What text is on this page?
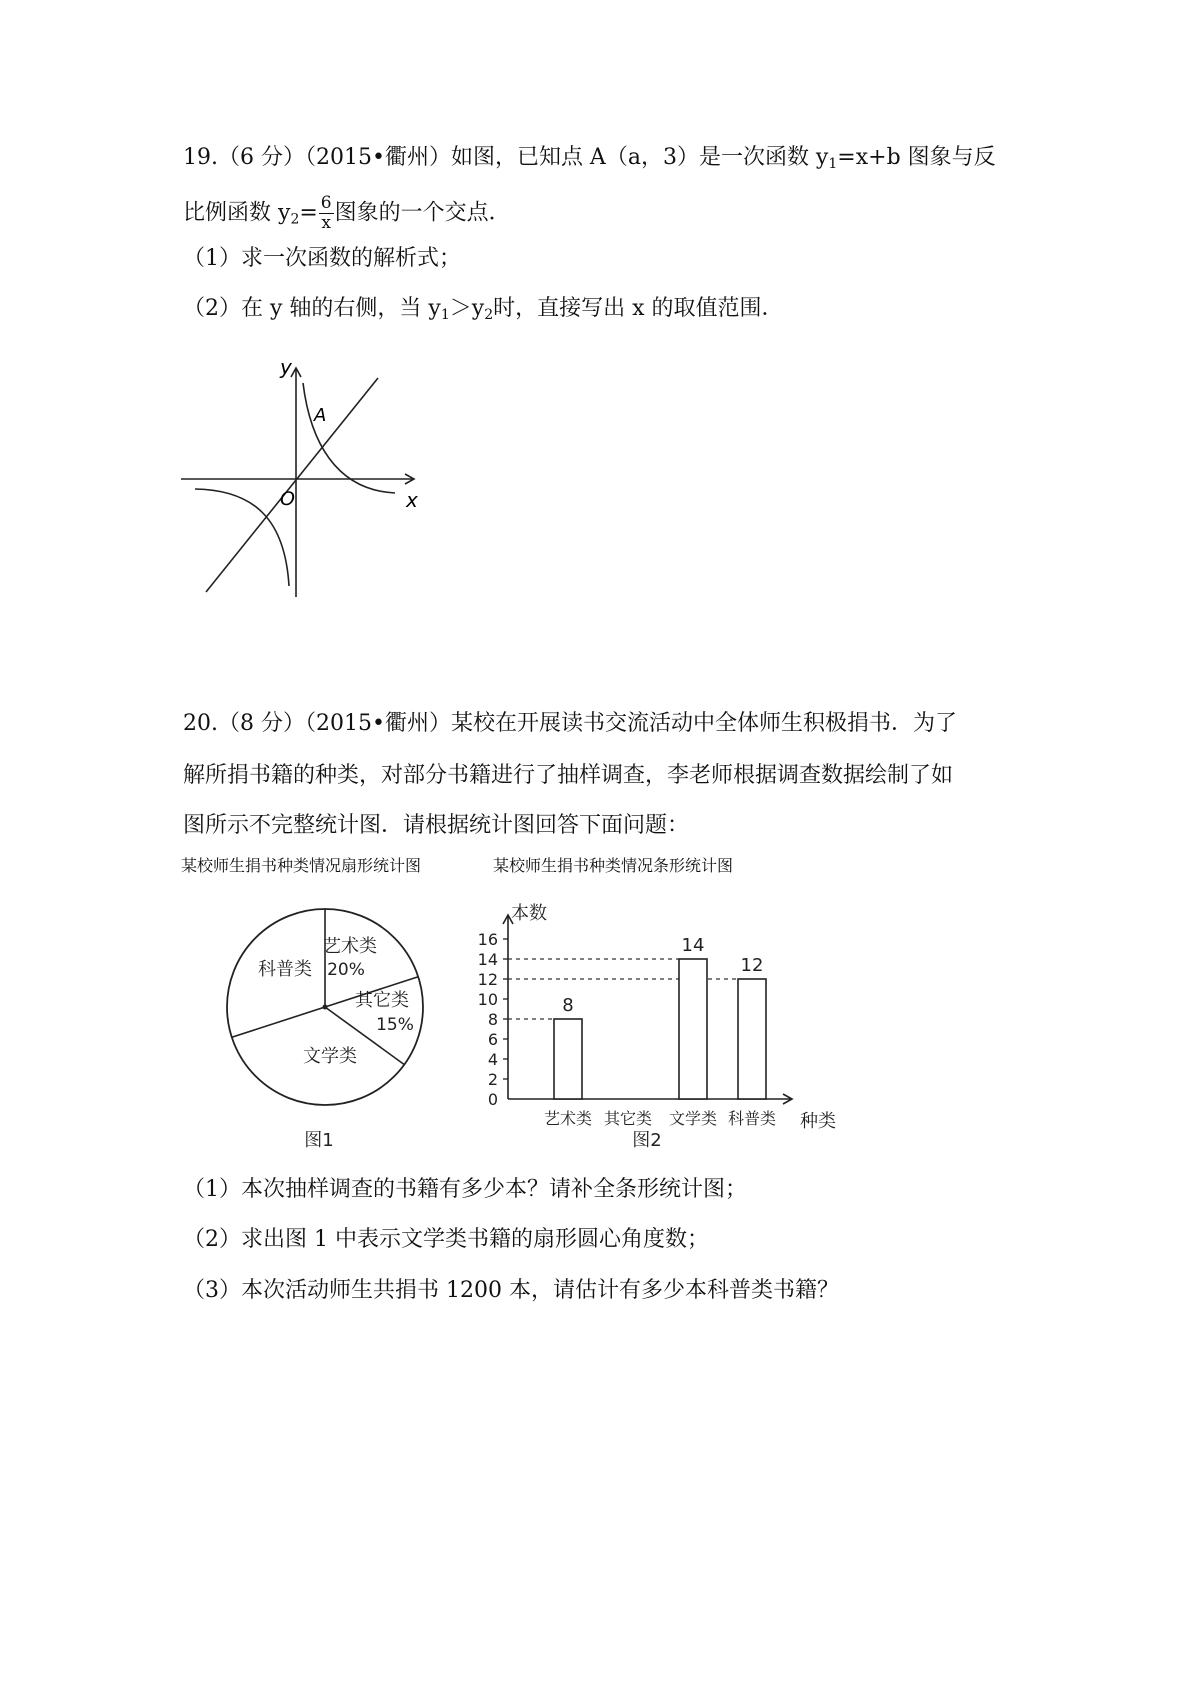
19.（6 分）（2015•衢州）如图，已知点 A（a，3）是一次函数 $y_1=x+b$ 图象与反
比例函数 $y_2= \frac{6}{x}$ 图象的一个交点．
（1）求一次函数的解析式；
（2）在 y 轴的右侧，当 $y_1>y_2$时，直接写出 x 的取值范围．
y
x
O
A
20.（8 分）（2015•衢州）某校在开展读书交流活动中全体师生积极捐书．为了
解所捐书籍的种类，对部分书籍进行了抽样调查，李老师根据调查数据绘制了如
图所示不完整统计图．请根据统计图回答下面问题：
某校师生捐书种类情况扇形统计图	某校师生捐书种类情况条形统计图
艺术类
20%
其它类
15%
文学类
科普类
图1
0
2
4
6
8
10
12
14
16
本数
种类
8
艺术类 其它类
14
文学类
12
科普类
图2
（1）本次抽样调查的书籍有多少本？请补全条形统计图；
（2）求出图 1 中表示文学类书籍的扇形圆心角度数；
（3）本次活动师生共捐书 1200 本，请估计有多少本科普类书籍？
